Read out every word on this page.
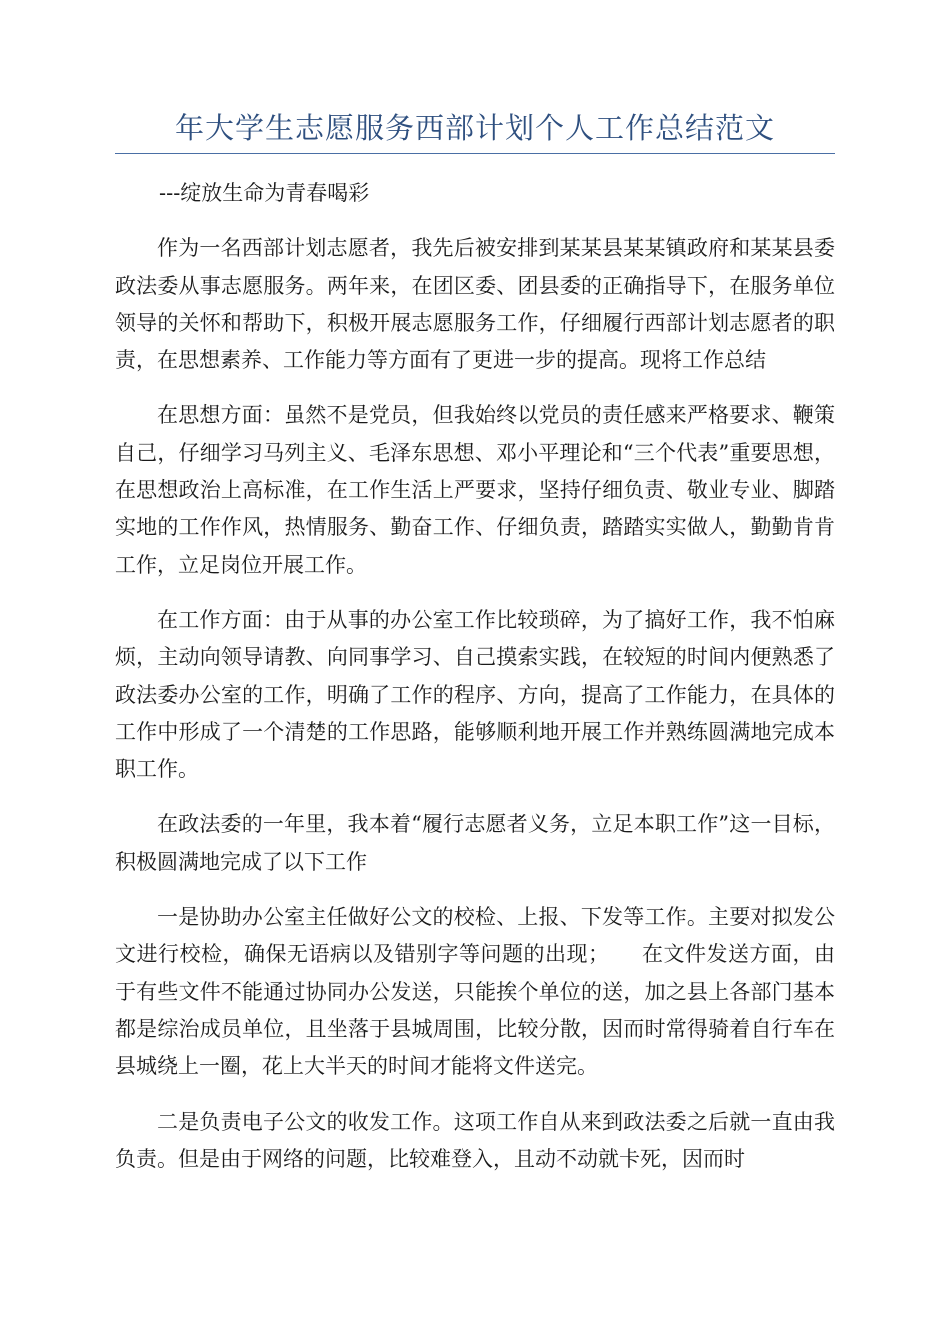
年大学生志愿服务西部计划个人工作总结范文

---绽放生命为青春喝彩

作为一名西部计划志愿者，我先后被安排到某某县某某镇政府和某某县委政法委从事志愿服务。两年来，在团区委、团县委的正确指导下，在服务单位领导的关怀和帮助下，积极开展志愿服务工作，仔细履行西部计划志愿者的职责，在思想素养、工作能力等方面有了更进一步的提高。现将工作总结

在思想方面：虽然不是党员，但我始终以党员的责任感来严格要求、鞭策自己，仔细学习马列主义、毛泽东思想、邓小平理论和“三个代表”重要思想，在思想政治上高标准，在工作生活上严要求，坚持仔细负责、敬业专业、脚踏实地的工作作风，热情服务、勤奋工作、仔细负责，踏踏实实做人，勤勤肯肯工作，立足岗位开展工作。

在工作方面：由于从事的办公室工作比较琐碎，为了搞好工作，我不怕麻烦，主动向领导请教、向同事学习、自己摸索实践，在较短的时间内便熟悉了政法委办公室的工作，明确了工作的程序、方向，提高了工作能力，在具体的工作中形成了一个清楚的工作思路，能够顺利地开展工作并熟练圆满地完成本职工作。

在政法委的一年里，我本着“履行志愿者义务，立足本职工作”这一目标，积极圆满地完成了以下工作

一是协助办公室主任做好公文的校检、上报、下发等工作。主要对拟发公文进行校检，确保无语病以及错别字等问题的出现；　　在文件发送方面，由于有些文件不能通过协同办公发送，只能挨个单位的送，加之县上各部门基本都是综治成员单位，且坐落于县城周围，比较分散，因而时常得骑着自行车在县城绕上一圈，花上大半天的时间才能将文件送完。

二是负责电子公文的收发工作。这项工作自从来到政法委之后就一直由我负责。但是由于网络的问题，比较难登入，且动不动就卡死，因而时
